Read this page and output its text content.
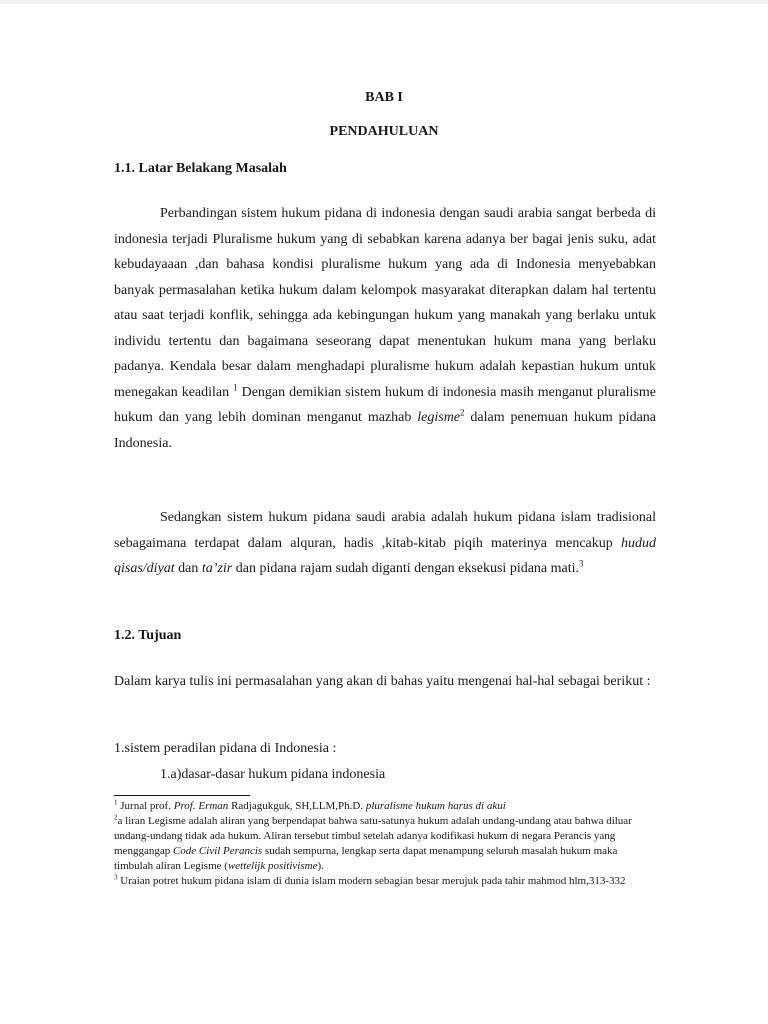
BAB I
PENDAHULUAN
1.1. Latar Belakang Masalah

Perbandingan sistem hukum pidana di indonesia dengan saudi arabia sangat berbeda di indonesia terjadi Pluralisme hukum yang di sebabkan karena adanya ber bagai jenis suku, adat kebudayaaan ,dan bahasa kondisi pluralisme hukum yang ada di Indonesia menyebabkan banyak permasalahan ketika hukum dalam kelompok masyarakat diterapkan dalam hal tertentu atau saat terjadi konflik, sehingga ada kebingungan hukum yang manakah yang berlaku untuk individu tertentu dan bagaimana seseorang dapat menentukan hukum mana yang berlaku padanya. Kendala besar dalam menghadapi pluralisme hukum adalah kepastian hukum untuk menegakan keadilan $^1$ Dengan demikian sistem hukum di indonesia masih menganut pluralisme hukum dan yang lebih dominan menganut mazhab legisme$^2$ dalam penemuan hukum pidana Indonesia.

Sedangkan sistem hukum pidana saudi arabia adalah hukum pidana islam tradisional sebagaimana terdapat dalam alquran, hadis ,kitab-kitab piqih materinya mencakup hudud qisas/diyat dan ta’zir dan pidana rajam sudah diganti dengan eksekusi pidana mati.$^3$

1.2. Tujuan

Dalam karya tulis ini permasalahan yang akan di bahas yaitu mengenai hal-hal sebagai berikut :

1.sistem peradilan pidana di Indonesia :
1.a)dasar-dasar hukum pidana indonesia
$^1$ Jurnal prof. Prof. Erman Radjagukguk, SH,LLM,Ph.D. pluralisme hukum harus di akui
$^2$a liran Legisme adalah aliran yang berpendapat bahwa satu-satunya hukum adalah undang-undang atau bahwa diluar undang-undang tidak ada hukum. Aliran tersebut timbul setelah adanya kodifikasi hukum di negara Perancis yang menggangap Code Civil Perancis sudah sempurna, lengkap serta dapat menampung seluruh masalah hukum maka timbulah aliran Legisme (wettelijk positivisme).
$^3$ Uraian potret hukum pidana islam di dunia islam modern sebagian besar merujuk pada tahir mahmod hlm,313-332
